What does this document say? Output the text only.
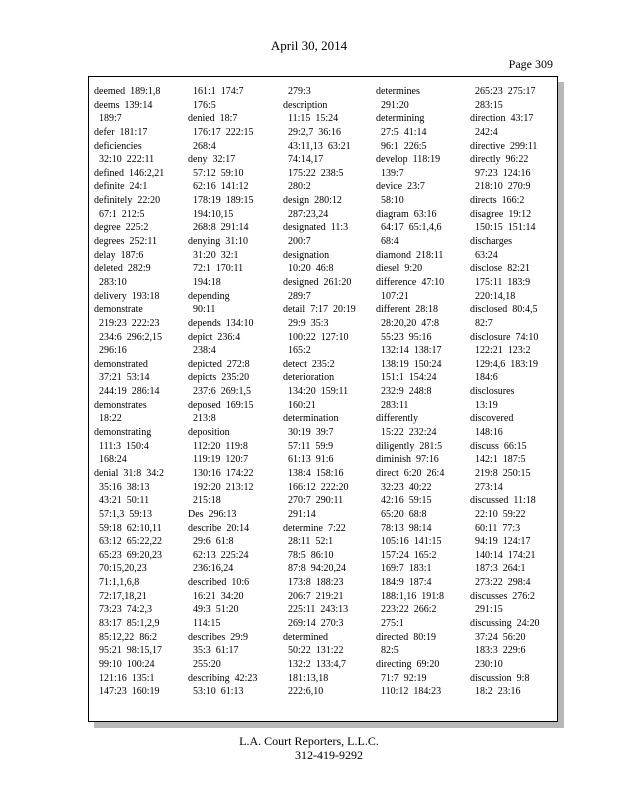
April 30, 2014
Page 309
deemed  189:1,8
deems  139:14
189:7
defer  181:17
deficiencies
32:10  222:11
defined  146:2,21
definite  24:1
definitely  22:20
67:1  212:5
degree  225:2
degrees  252:11
delay  187:6
deleted  282:9
283:10
delivery  193:18
demonstrate
219:23  222:23
234:6  296:2,15
296:16
demonstrated
37:21  53:14
244:19  286:14
demonstrates
18:22
demonstrating
111:3  150:4
168:24
denial  31:8  34:2
35:16  38:13
43:21  50:11
57:1,3  59:13
59:18  62:10,11
63:12  65:22,22
65:23  69:20,23
70:15,20,23
71:1,1,6,8
72:17,18,21
73:23  74:2,3
83:17  85:1,2,9
85:12,22  86:2
95:21  98:15,17
99:10  100:24
121:16  135:1
147:23  160:19
161:1  174:7
176:5
denied  18:7
176:17  222:15
268:4
deny  32:17
57:12  59:10
62:16  141:12
178:19  189:15
194:10,15
268:8  291:14
denying  31:10
31:20  32:1
72:1  170:11
194:18
depending
90:11
depends  134:10
depict  236:4
238:4
depicted  272:8
depicts  235:20
237:6  269:1,5
deposed  169:15
213:8
deposition
112:20  119:8
119:19  120:7
130:16  174:22
192:20  213:12
215:18
Des  296:13
describe  20:14
29:6  61:8
62:13  225:24
236:16,24
described  10:6
16:21  34:20
49:3  51:20
114:15
describes  29:9
35:3  61:17
255:20
describing  42:23
53:10  61:13
279:3
description
11:15  15:24
29:2,7  36:16
43:11,13  63:21
74:14,17
175:22  238:5
280:2
design  280:12
287:23,24
designated  11:3
200:7
designation
10:20  46:8
designed  261:20
289:7
detail  7:17  20:19
29:9  35:3
100:22  127:10
165:2
detect  235:2
deterioration
134:20  159:11
160:21
determination
30:19  39:7
57:11  59:9
61:13  91:6
138:4  158:16
166:12  222:20
270:7  290:11
291:14
determine  7:22
28:11  52:1
78:5  86:10
87:8  94:20,24
173:8  188:23
206:7  219:21
225:11  243:13
269:14  270:3
determined
50:22  131:22
132:2  133:4,7
181:13,18
222:6,10
determines
291:20
determining
27:5  41:14
96:1  226:5
develop  118:19
139:7
device  23:7
58:10
diagram  63:16
64:17  65:1,4,6
68:4
diamond  218:11
diesel  9:20
difference  47:10
107:21
different  28:18
28:20,20  47:8
55:23  95:16
132:14  138:17
138:19  150:24
151:1  154:24
232:9  248:8
283:11
differently
15:22  232:24
diligently  281:5
diminish  97:16
direct  6:20  26:4
32:23  40:22
42:16  59:15
65:20  68:8
78:13  98:14
105:16  141:15
157:24  165:2
169:7  183:1
184:9  187:4
188:1,16  191:8
223:22  266:2
275:1
directed  80:19
82:5
directing  69:20
71:7  92:19
110:12  184:23
265:23  275:17
283:15
direction  43:17
242:4
directive  299:11
directly  96:22
97:23  124:16
218:10  270:9
directs  166:2
disagree  19:12
150:15  151:14
discharges
63:24
disclose  82:21
175:11  183:9
220:14,18
disclosed  80:4,5
82:7
disclosure  74:10
122:21  123:2
129:4,6  183:19
184:6
disclosures
13:19
discovered
148:16
discuss  66:15
142:1  187:5
219:8  250:15
273:14
discussed  11:18
22:10  59:22
60:11  77:3
94:19  124:17
140:14  174:21
187:3  264:1
273:22  298:4
discusses  276:2
291:15
discussing  24:20
37:24  56:20
183:3  229:6
230:10
discussion  9:8
18:2  23:16
L.A. Court Reporters, L.L.C.
312-419-9292
